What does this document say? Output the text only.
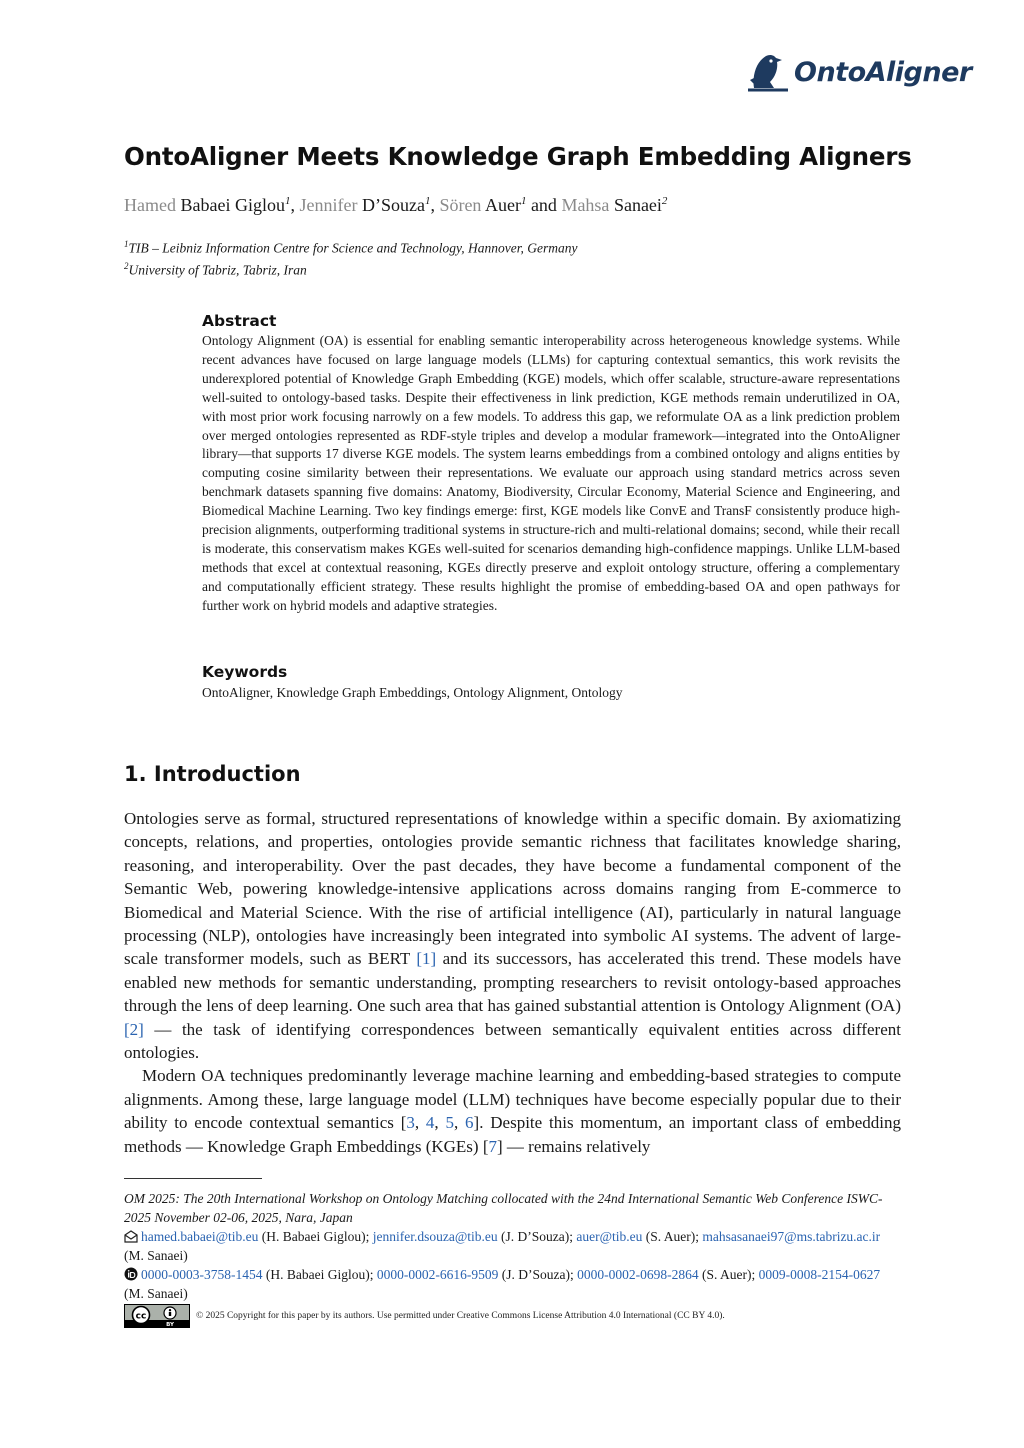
OntoAligner
OntoAligner Meets Knowledge Graph Embedding Aligners
Hamed Babaei Giglou$^1$, Jennifer D’Souza$^1$, Sören Auer$^1$ and Mahsa Sanaei$^2$
$^1$TIB – Leibniz Information Centre for Science and Technology, Hannover, Germany
$^2$University of Tabriz, Tabriz, Iran
Abstract

Ontology Alignment (OA) is essential for enabling semantic interoperability across heterogeneous knowledge systems. While recent advances have focused on large language models (LLMs) for capturing contextual semantics, this work revisits the underexplored potential of Knowledge Graph Embedding (KGE) models, which offer scalable, structure-aware representations well-suited to ontology-based tasks. Despite their effectiveness in link prediction, KGE methods remain underutilized in OA, with most prior work focusing narrowly on a few models. To address this gap, we reformulate OA as a link prediction problem over merged ontologies represented as RDF-style triples and develop a modular framework—integrated into the OntoAligner library—that supports 17 diverse KGE models. The system learns embeddings from a combined ontology and aligns entities by computing cosine similarity between their representations. We evaluate our approach using standard metrics across seven benchmark datasets spanning five domains: Anatomy, Biodiversity, Circular Economy, Material Science and Engineering, and Biomedical Machine Learning. Two key findings emerge: first, KGE models like ConvE and TransF consistently produce high-precision alignments, outperforming traditional systems in structure-rich and multi-relational domains; second, while their recall is moderate, this conservatism makes KGEs well-suited for scenarios demanding high-confidence mappings. Unlike LLM-based methods that excel at contextual reasoning, KGEs directly preserve and exploit ontology structure, offering a complementary and computationally efficient strategy. These results highlight the promise of embedding-based OA and open pathways for further work on hybrid models and adaptive strategies.

Keywords

OntoAligner, Knowledge Graph Embeddings, Ontology Alignment, Ontology

1. Introduction

Ontologies serve as formal, structured representations of knowledge within a specific domain. By axiomatizing concepts, relations, and properties, ontologies provide semantic richness that facilitates knowledge sharing, reasoning, and interoperability. Over the past decades, they have become a fundamental component of the Semantic Web, powering knowledge-intensive applications across domains ranging from E-commerce to Biomedical and Material Science. With the rise of artificial intelligence (AI), particularly in natural language processing (NLP), ontologies have increasingly been integrated into symbolic AI systems. The advent of large-scale transformer models, such as BERT [1] and its successors, has accelerated this trend. These models have enabled new methods for semantic understanding, prompting researchers to revisit ontology-based approaches through the lens of deep learning. One such area that has gained substantial attention is Ontology Alignment (OA) [2] — the task of identifying correspondences between semantically equivalent entities across different ontologies.

Modern OA techniques predominantly leverage machine learning and embedding-based strategies to compute alignments. Among these, large language model (LLM) techniques have become especially popular due to their ability to encode contextual semantics [3, 4, 5, 6]. Despite this momentum, an important class of embedding methods — Knowledge Graph Embeddings (KGEs) [7] — remains relatively

OM 2025: The 20th International Workshop on Ontology Matching collocated with the 24nd International Semantic Web Conference ISWC-2025 November 02-06, 2025, Nara, Japan
hamed.babaei@tib.eu (H. Babaei Giglou); jennifer.dsouza@tib.eu (J. D’Souza); auer@tib.eu (S. Auer); mahsasanaei97@ms.tabrizu.ac.ir (M. Sanaei)
0000-0003-3758-1454 (H. Babaei Giglou); 0000-0002-6616-9509 (J. D’Souza); 0000-0002-0698-2864 (S. Auer); 0009-0008-2154-0627 (M. Sanaei)
cc
BY
© 2025 Copyright for this paper by its authors. Use permitted under Creative Commons License Attribution 4.0 International (CC BY 4.0).
